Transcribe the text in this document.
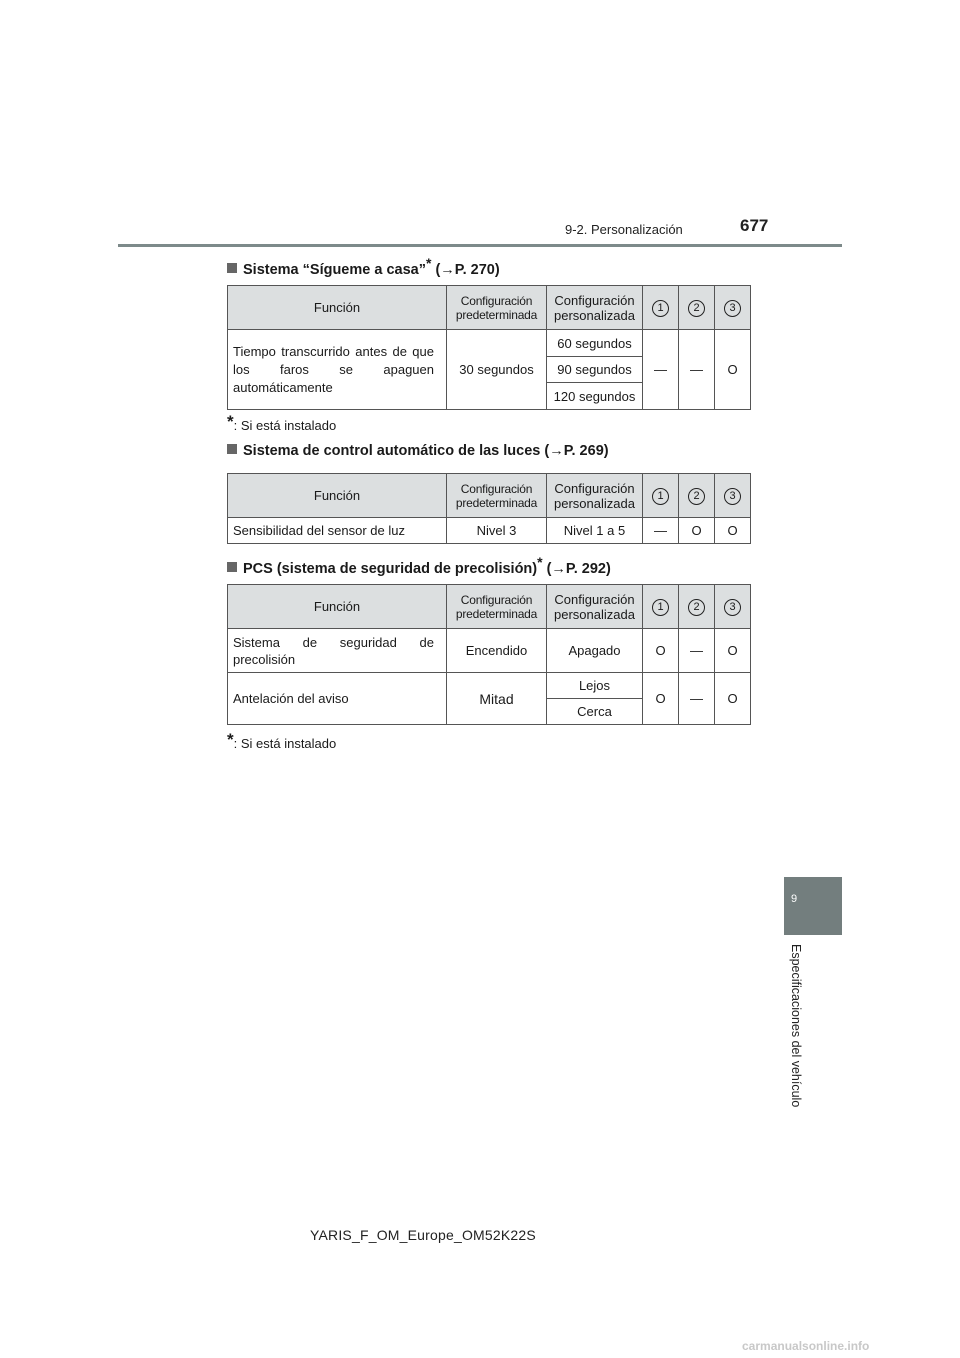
9-2. Personalización	677
Sistema “Sígueme a casa”* (→P. 270)
Función	Configuración predeterminada	Configuración personalizada	1	2	3
Tiempo transcurrido antes de que los faros se apaguen automáticamente	30 segundos	60 segundos	—	—	O
		90 segundos			
		120 segundos			
*: Si está instalado
Sistema de control automático de las luces (→P. 269)
Función	Configuración predeterminada	Configuración personalizada	1	2	3
Sensibilidad del sensor de luz	Nivel 3	Nivel 1 a 5	—	O	O
PCS (sistema de seguridad de precolisión)* (→P. 292)
Función	Configuración predeterminada	Configuración personalizada	1	2	3
Sistema de seguridad de precolisión	Encendido	Apagado	O	—	O
Antelación del aviso	Mitad	Lejos	O	—	O
		Cerca			
*: Si está instalado
9
Especificaciones del vehículo
YARIS_F_OM_Europe_OM52K22S
carmanualsonline.info
